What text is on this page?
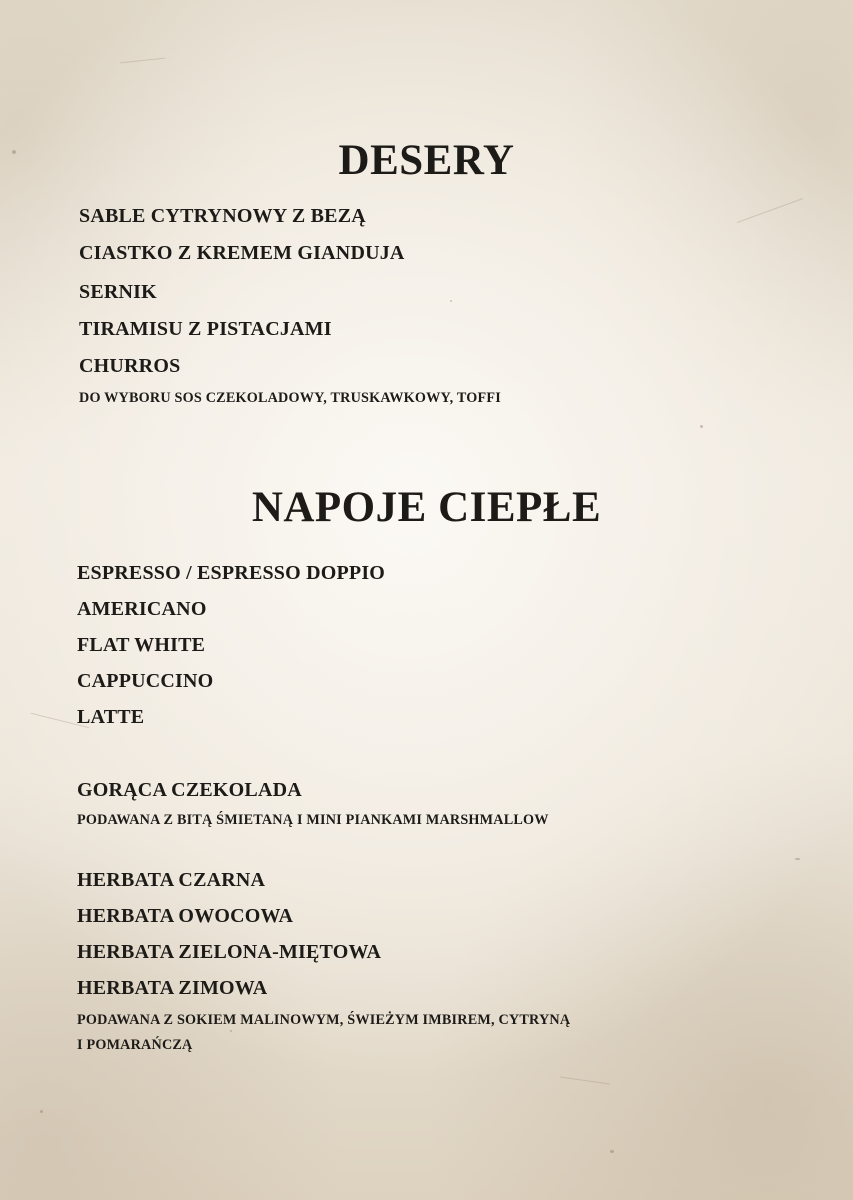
DESERY

SABLE CYTRYNOWY Z BEZĄ

CIASTKO Z KREMEM GIANDUJA

SERNIK

TIRAMISU Z PISTACJAMI

CHURROS

DO WYBORU SOS CZEKOLADOWY, TRUSKAWKOWY, TOFFI

NAPOJE CIEPŁE

ESPRESSO / ESPRESSO DOPPIO

AMERICANO

FLAT WHITE

CAPPUCCINO

LATTE

GORĄCA CZEKOLADA

PODAWANA Z BITĄ ŚMIETANĄ I MINI PIANKAMI MARSHMALLOW

HERBATA CZARNA

HERBATA OWOCOWA

HERBATA ZIELONA-MIĘTOWA

HERBATA ZIMOWA

PODAWANA Z SOKIEM MALINOWYM, ŚWIEŻYM IMBIREM, CYTRYNĄ

I POMARAŃCZĄ
